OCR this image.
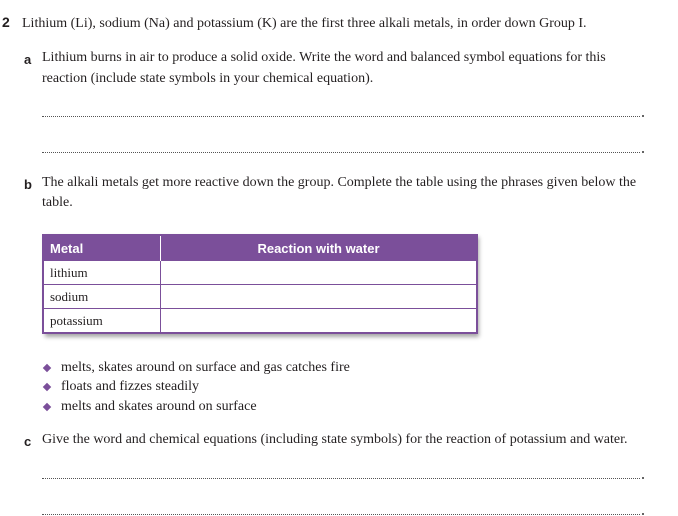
2 Lithium (Li), sodium (Na) and potassium (K) are the first three alkali metals, in order down Group I.
a Lithium burns in air to produce a solid oxide. Write the word and balanced symbol equations for this
reaction (include state symbols in your chemical equation).
b The alkali metals get more reactive down the group. Complete the table using the phrases given below the
table.
Metal	Reaction with water
lithium	
sodium	
potassium	
melts, skates around on surface and gas catches fire
floats and fizzes steadily
melts and skates around on surface
c Give the word and chemical equations (including state symbols) for the reaction of potassium and water.
